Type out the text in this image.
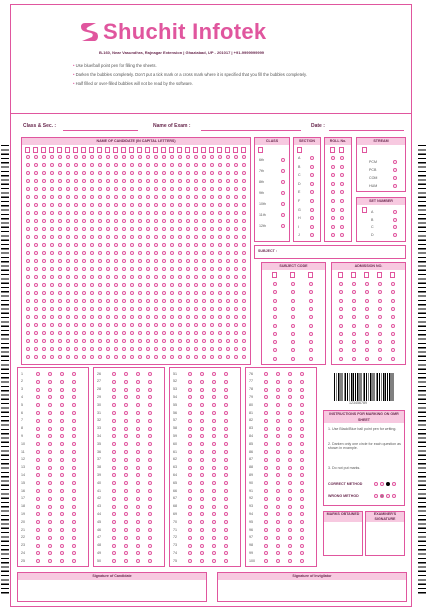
Shuchit Infotek
B-160, Near Vasundhra, Rajnagar Extension | Ghaziabad, UP - 201017 | +91-9999999999
• Use blue/ball point pen for filling the sheets.
• Darken the bubbles completely. Don't put a tick mark or a cross mark where it is specified that you fill the bubbles completely.
• Half filled or over-filled bubbles will not be read by the software.
Class & Sec. :	Name of Exam :	Date :
NAME OF CANDIDATE (IN CAPITAL LETTERS)	CLASS
6th
7th
8th
9th
10th
11th
12th
SECTION
A
B
C
D
E
F
G
H
I
J
ROLL No.	STREAM
PCM
PCB
COM
HUM
SET NUMBER
A
B
C
D
SUBJECT :
SUBJECT CODE	ADMISSION NO.
123456789
INSTRUCTIONS FOR MARKING ON OMR SHEET
1. Use Black/Blue ball point pen for writing.
2. Darken only one circle for each question as shown in example.
3. Do not put marks.
CORRECT METHOD
WRONG METHOD
MARKS OBTAINED	EXAMINER'S SIGNATURE
Signature of Candidate	Signature of Invigilator
1
2
3
4
5
6
7
8
9
10
11
12
13
14
15
16
17
18
19
20
21
22
23
24
25
26
27
28
29
30
31
32
33
34
35
36
37
38
39
40
41
42
43
44
45
46
47
48
49
50
51
52
53
54
55
56
57
58
59
60
61
62
63
64
65
66
67
68
69
70
71
72
73
74
75
76
77
78
79
80
81
82
83
84
85
86
87
88
89
90
91
92
93
94
95
96
97
98
99
100
